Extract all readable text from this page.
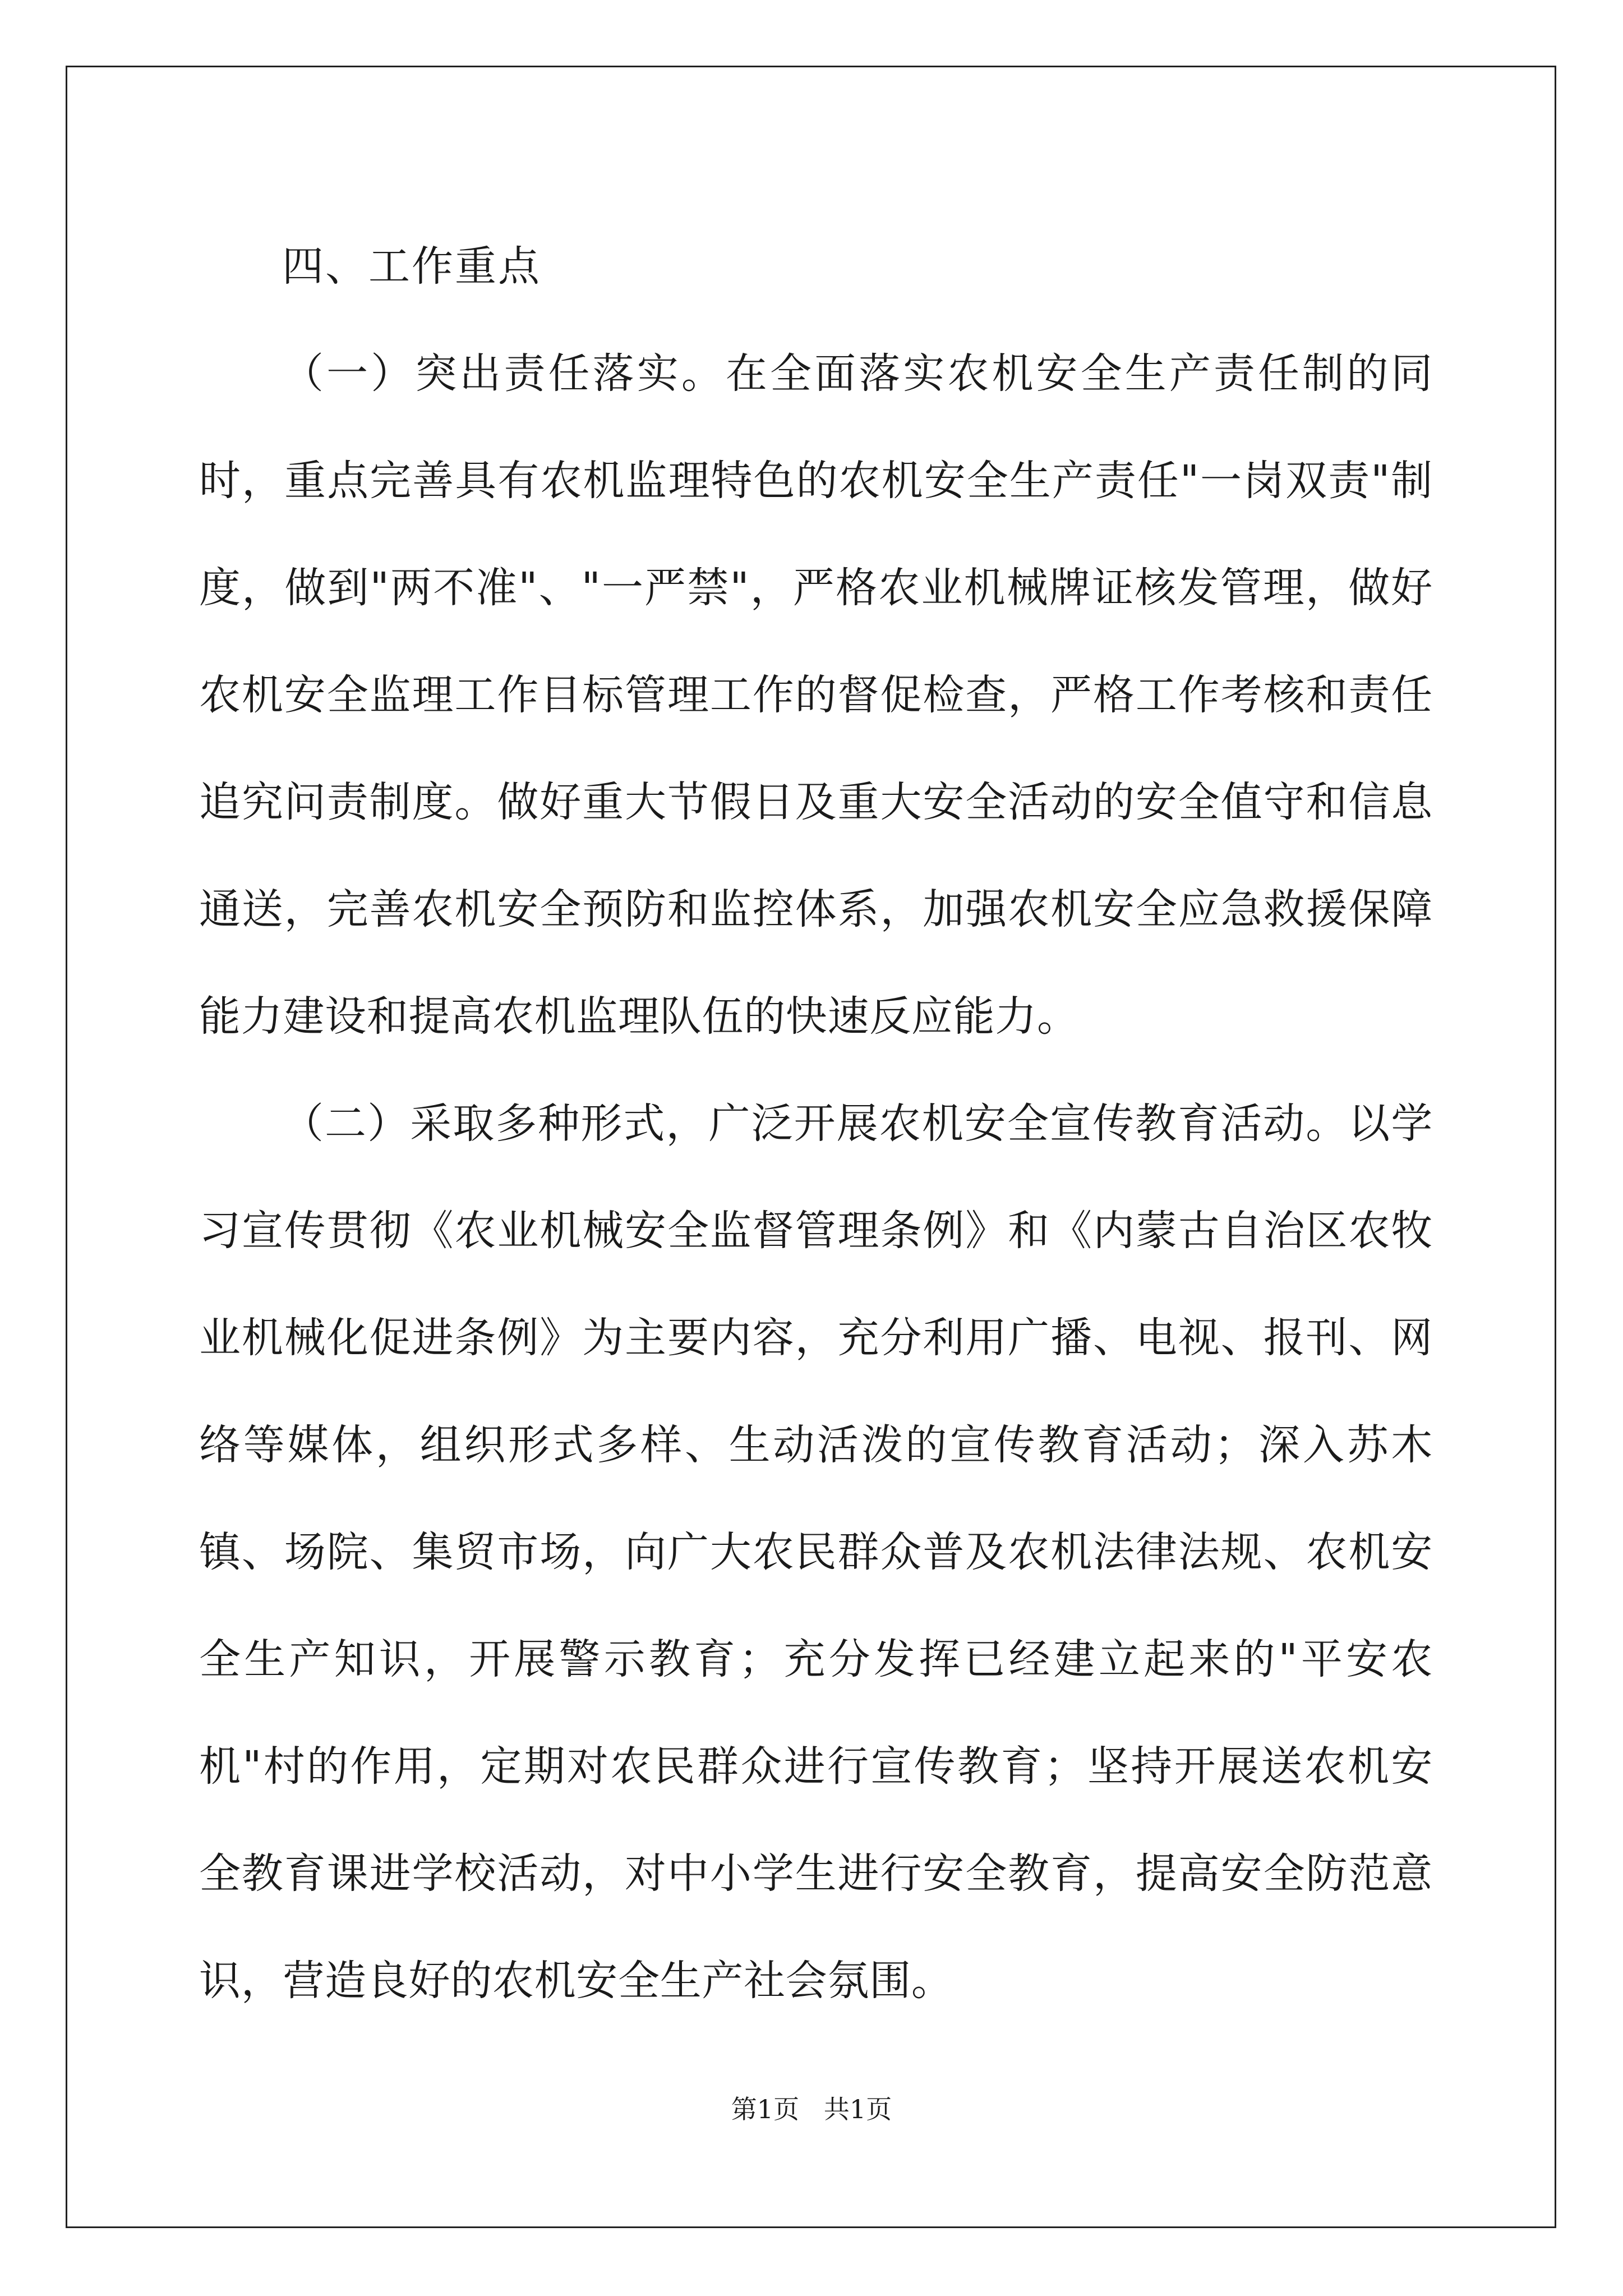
四、工作重点

（一）突出责任落实。在全面落实农机安全生产责任制的同时，重点完善具有农机监理特色的农机安全生产责任"一岗双责"制度，做到"两不准"、"一严禁"，严格农业机械牌证核发管理，做好农机安全监理工作目标管理工作的督促检查，严格工作考核和责任追究问责制度。做好重大节假日及重大安全活动的安全值守和信息通送，完善农机安全预防和监控体系，加强农机安全应急救援保障能力建设和提高农机监理队伍的快速反应能力。

（二）采取多种形式，广泛开展农机安全宣传教育活动。以学习宣传贯彻《农业机械安全监督管理条例》和《内蒙古自治区农牧业机械化促进条例》为主要内容，充分利用广播、电视、报刊、网络等媒体，组织形式多样、生动活泼的宣传教育活动；深入苏木镇、场院、集贸市场，向广大农民群众普及农机法律法规、农机安全生产知识，开展警示教育；充分发挥已经建立起来的"平安农机"村的作用，定期对农民群众进行宣传教育；坚持开展送农机安全教育课进学校活动，对中小学生进行安全教育，提高安全防范意识，营造良好的农机安全生产社会氛围。

第1页   共1页
